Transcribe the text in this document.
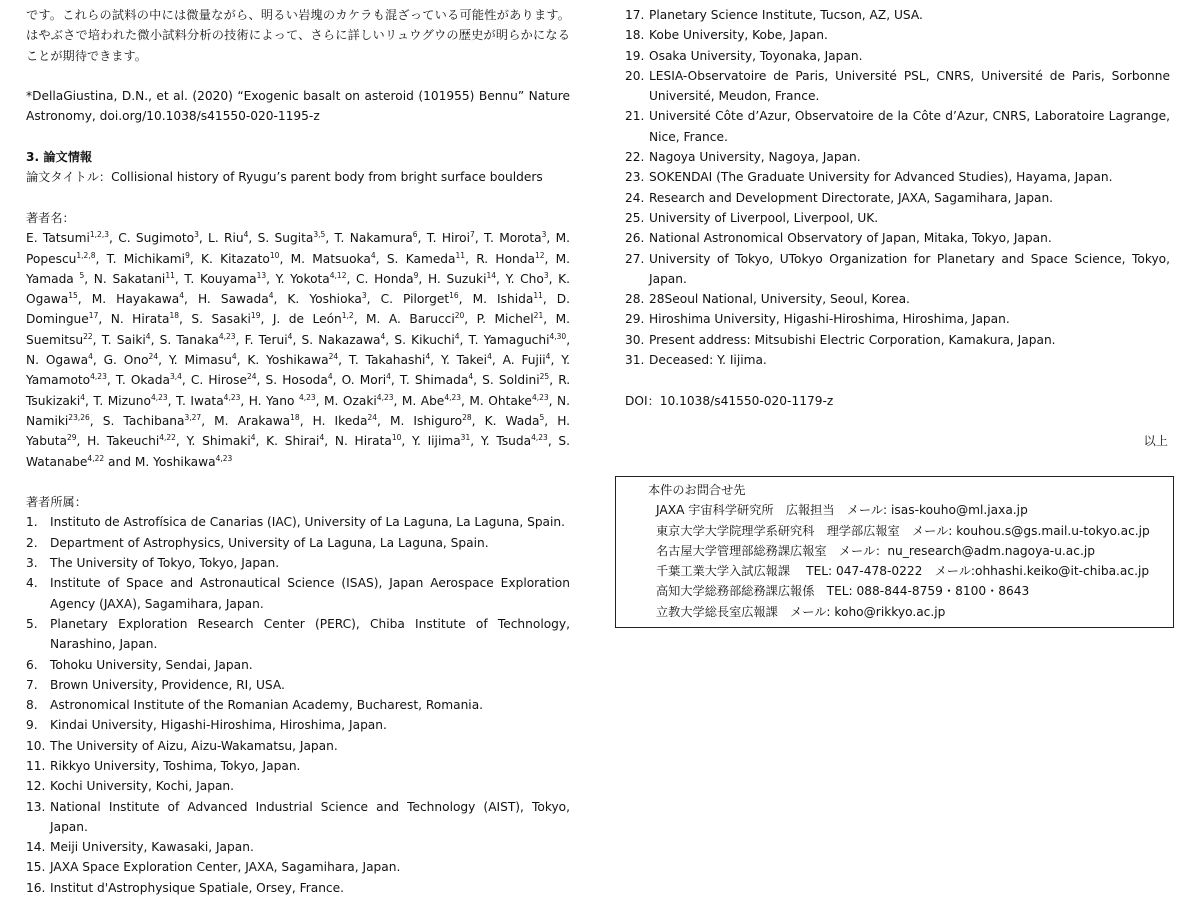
です。これらの試料の中には微量ながら、明るい岩塊のカケラも混ざっている可能性があります。はやぶさで培われた微小試料分析の技術によって、さらに詳しいリュウグウの歴史が明らかになることが期待できます。

*DellaGiustina, D.N., et al. (2020) “Exogenic basalt on asteroid (101955) Bennu” Nature Astronomy, doi.org/10.1038/s41550-020-1195-z

3. 論文情報

論文タイトル：Collisional history of Ryugu’s parent body from bright surface boulders

著者名：

E. Tatsumi$^{1,2,3}$, C. Sugimoto$^3$, L. Riu$^4$, S. Sugita$^{3,5}$, T. Nakamura$^6$, T. Hiroi$^7$, T. Morota$^3$, M. Popescu$^{1,2,8}$, T. Michikami$^9$, K. Kitazato$^{10}$, M. Matsuoka$^4$, S. Kameda$^{11}$, R. Honda$^{12}$, M. Yamada $^5$, N. Sakatani$^{11}$, T. Kouyama$^{13}$, Y. Yokota$^{4,12}$, C. Honda$^9$, H. Suzuki$^{14}$, Y. Cho$^3$, K. Ogawa$^{15}$, M. Hayakawa$^4$, H. Sawada$^4$, K. Yoshioka$^3$, C. Pilorget$^{16}$, M. Ishida$^{11}$, D. Domingue$^{17}$, N. Hirata$^{18}$, S. Sasaki$^{19}$, J. de León$^{1,2}$, M. A. Barucci$^{20}$, P. Michel$^{21}$, M. Suemitsu$^{22}$, T. Saiki$^4$, S. Tanaka$^{4,23}$, F. Terui$^4$, S. Nakazawa$^4$, S. Kikuchi$^4$, T. Yamaguchi$^{4,30}$, N. Ogawa$^4$, G. Ono$^{24}$, Y. Mimasu$^4$, K. Yoshikawa$^{24}$, T. Takahashi$^4$, Y. Takei$^4$, A. Fujii$^4$, Y. Yamamoto$^{4,23}$, T. Okada$^{3,4}$, C. Hirose$^{24}$, S. Hosoda$^4$, O. Mori$^4$, T. Shimada$^4$, S. Soldini$^{25}$, R. Tsukizaki$^4$, T. Mizuno$^{4,23}$, T. Iwata$^{4,23}$, H. Yano $^{4,23}$, M. Ozaki$^{4,23}$, M. Abe$^{4,23}$, M. Ohtake$^{4,23}$, N. Namiki$^{23,26}$, S. Tachibana$^{3,27}$, M. Arakawa$^{18}$, H. Ikeda$^{24}$, M. Ishiguro$^{28}$, K. Wada$^5$, H. Yabuta$^{29}$, H. Takeuchi$^{4,22}$, Y. Shimaki$^4$, K. Shirai$^4$, N. Hirata$^{10}$, Y. Iijima$^{31}$, Y. Tsuda$^{4,23}$, S. Watanabe$^{4,22}$ and M. Yoshikawa$^{4,23}$

著者所属：

1. Instituto de Astrofísica de Canarias (IAC), University of La Laguna, La Laguna, Spain.
2. Department of Astrophysics, University of La Laguna, La Laguna, Spain.
3. The University of Tokyo, Tokyo, Japan.
4. Institute of Space and Astronautical Science (ISAS), Japan Aerospace Exploration Agency (JAXA), Sagamihara, Japan.
5. Planetary Exploration Research Center (PERC), Chiba Institute of Technology, Narashino, Japan.
6. Tohoku University, Sendai, Japan.
7. Brown University, Providence, RI, USA.
8. Astronomical Institute of the Romanian Academy, Bucharest, Romania.
9. Kindai University, Higashi-Hiroshima, Hiroshima, Japan.
10. The University of Aizu, Aizu-Wakamatsu, Japan.
11. Rikkyo University, Toshima, Tokyo, Japan.
12. Kochi University, Kochi, Japan.
13. National Institute of Advanced Industrial Science and Technology (AIST), Tokyo, Japan.
14. Meiji University, Kawasaki, Japan.
15. JAXA Space Exploration Center, JAXA, Sagamihara, Japan.
16. Institut d'Astrophysique Spatiale, Orsey, France.
17. Planetary Science Institute, Tucson, AZ, USA.
18. Kobe University, Kobe, Japan.
19. Osaka University, Toyonaka, Japan.
20. LESIA-Observatoire de Paris, Université PSL, CNRS, Université de Paris, Sorbonne Université, Meudon, France.
21. Université Côte d’Azur, Observatoire de la Côte d’Azur, CNRS, Laboratoire Lagrange, Nice, France.
22. Nagoya University, Nagoya, Japan.
23. SOKENDAI (The Graduate University for Advanced Studies), Hayama, Japan.
24. Research and Development Directorate, JAXA, Sagamihara, Japan.
25. University of Liverpool, Liverpool, UK.
26. National Astronomical Observatory of Japan, Mitaka, Tokyo, Japan.
27. University of Tokyo, UTokyo Organization for Planetary and Space Science, Tokyo, Japan.
28. 28Seoul National, University, Seoul, Korea.
29. Hiroshima University, Higashi-Hiroshima, Hiroshima, Japan.
30. Present address: Mitsubishi Electric Corporation, Kamakura, Japan.
31. Deceased: Y. Iijima.

DOI：10.1038/s41550-020-1179-z

以上

本件のお問合せ先

JAXA 宇宙科学研究所　広報担当　メール: isas-kouho@ml.jaxa.jp

東京大学大学院理学系研究科　理学部広報室　メール: kouhou.s@gs.mail.u-tokyo.ac.jp

名古屋大学管理部総務課広報室　メール：nu_research@adm.nagoya-u.ac.jp

千葉工業大学入試広報課　 TEL: 047-478-0222　メール:ohhashi.keiko@it-chiba.ac.jp

高知大学総務部総務課広報係　TEL: 088-844-8759・8100・8643

立教大学総長室広報課　メール: koho@rikkyo.ac.jp
